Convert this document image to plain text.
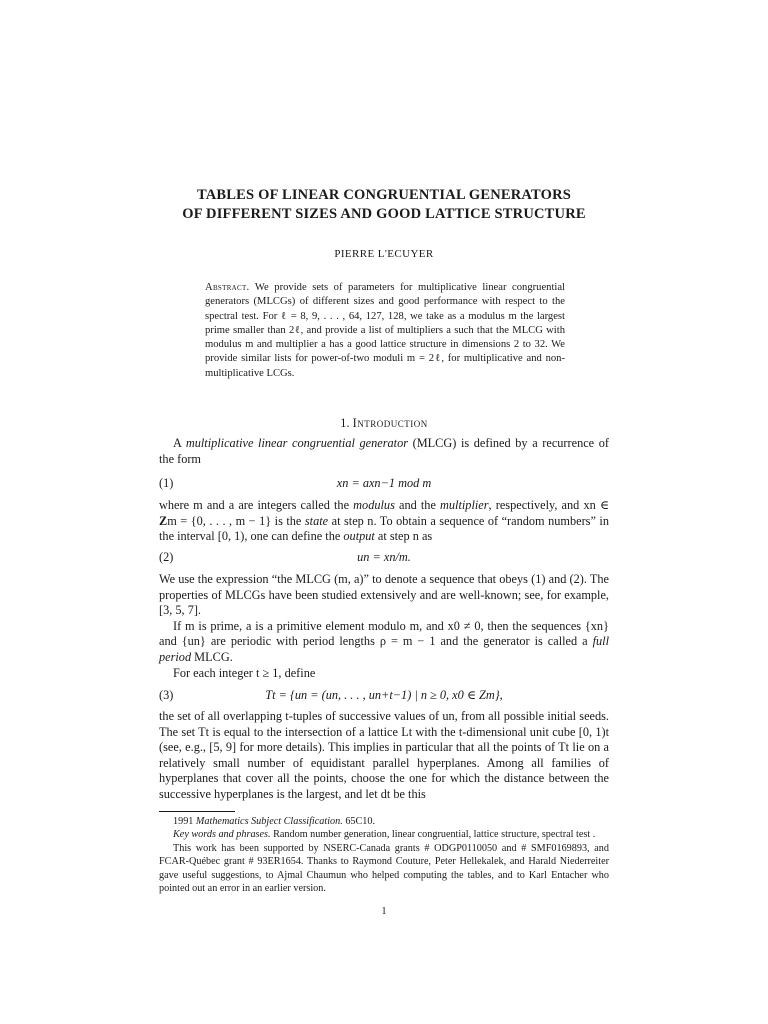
TABLES OF LINEAR CONGRUENTIAL GENERATORS
OF DIFFERENT SIZES AND GOOD LATTICE STRUCTURE
PIERRE L'ECUYER
Abstract. We provide sets of parameters for multiplicative linear congruential generators (MLCGs) of different sizes and good performance with respect to the spectral test. For ℓ = 8, 9, . . . , 64, 127, 128, we take as a modulus m the largest prime smaller than 2ℓ, and provide a list of multipliers a such that the MLCG with modulus m and multiplier a has a good lattice structure in dimensions 2 to 32. We provide similar lists for power-of-two moduli m = 2ℓ, for multiplicative and non-multiplicative LCGs.
1. Introduction

A multiplicative linear congruential generator (MLCG) is defined by a recurrence of the form

(1)	xn = axn−1 mod m

where m and a are integers called the modulus and the multiplier, respectively, and xn ∈ Zm = {0, . . . , m − 1} is the state at step n. To obtain a sequence of “random numbers” in the interval [0, 1), one can define the output at step n as

(2)	un = xn/m.

We use the expression “the MLCG (m, a)” to denote a sequence that obeys (1) and (2). The properties of MLCGs have been studied extensively and are well-known; see, for example, [3, 5, 7].

If m is prime, a is a primitive element modulo m, and x0 ≠ 0, then the sequences {xn} and {un} are periodic with period lengths ρ = m − 1 and the generator is called a full period MLCG.

For each integer t ≥ 1, define

(3)	Tt = {un = (un, . . . , un+t−1) | n ≥ 0, x0 ∈ Zm},

the set of all overlapping t-tuples of successive values of un, from all possible initial seeds. The set Tt is equal to the intersection of a lattice Lt with the t-dimensional unit cube [0, 1)t (see, e.g., [5, 9] for more details). This implies in particular that all the points of Tt lie on a relatively small number of equidistant parallel hyperplanes. Among all families of hyperplanes that cover all the points, choose the one for which the distance between the successive hyperplanes is the largest, and let dt be this

1991 Mathematics Subject Classification. 65C10.

Key words and phrases. Random number generation, linear congruential, lattice structure, spectral test .

This work has been supported by NSERC-Canada grants # ODGP0110050 and # SMF0169893, and FCAR-Québec grant # 93ER1654. Thanks to Raymond Couture, Peter Hellekalek, and Harald Niederreiter gave useful suggestions, to Ajmal Chaumun who helped computing the tables, and to Karl Entacher who pointed out an error in an earlier version.

1
